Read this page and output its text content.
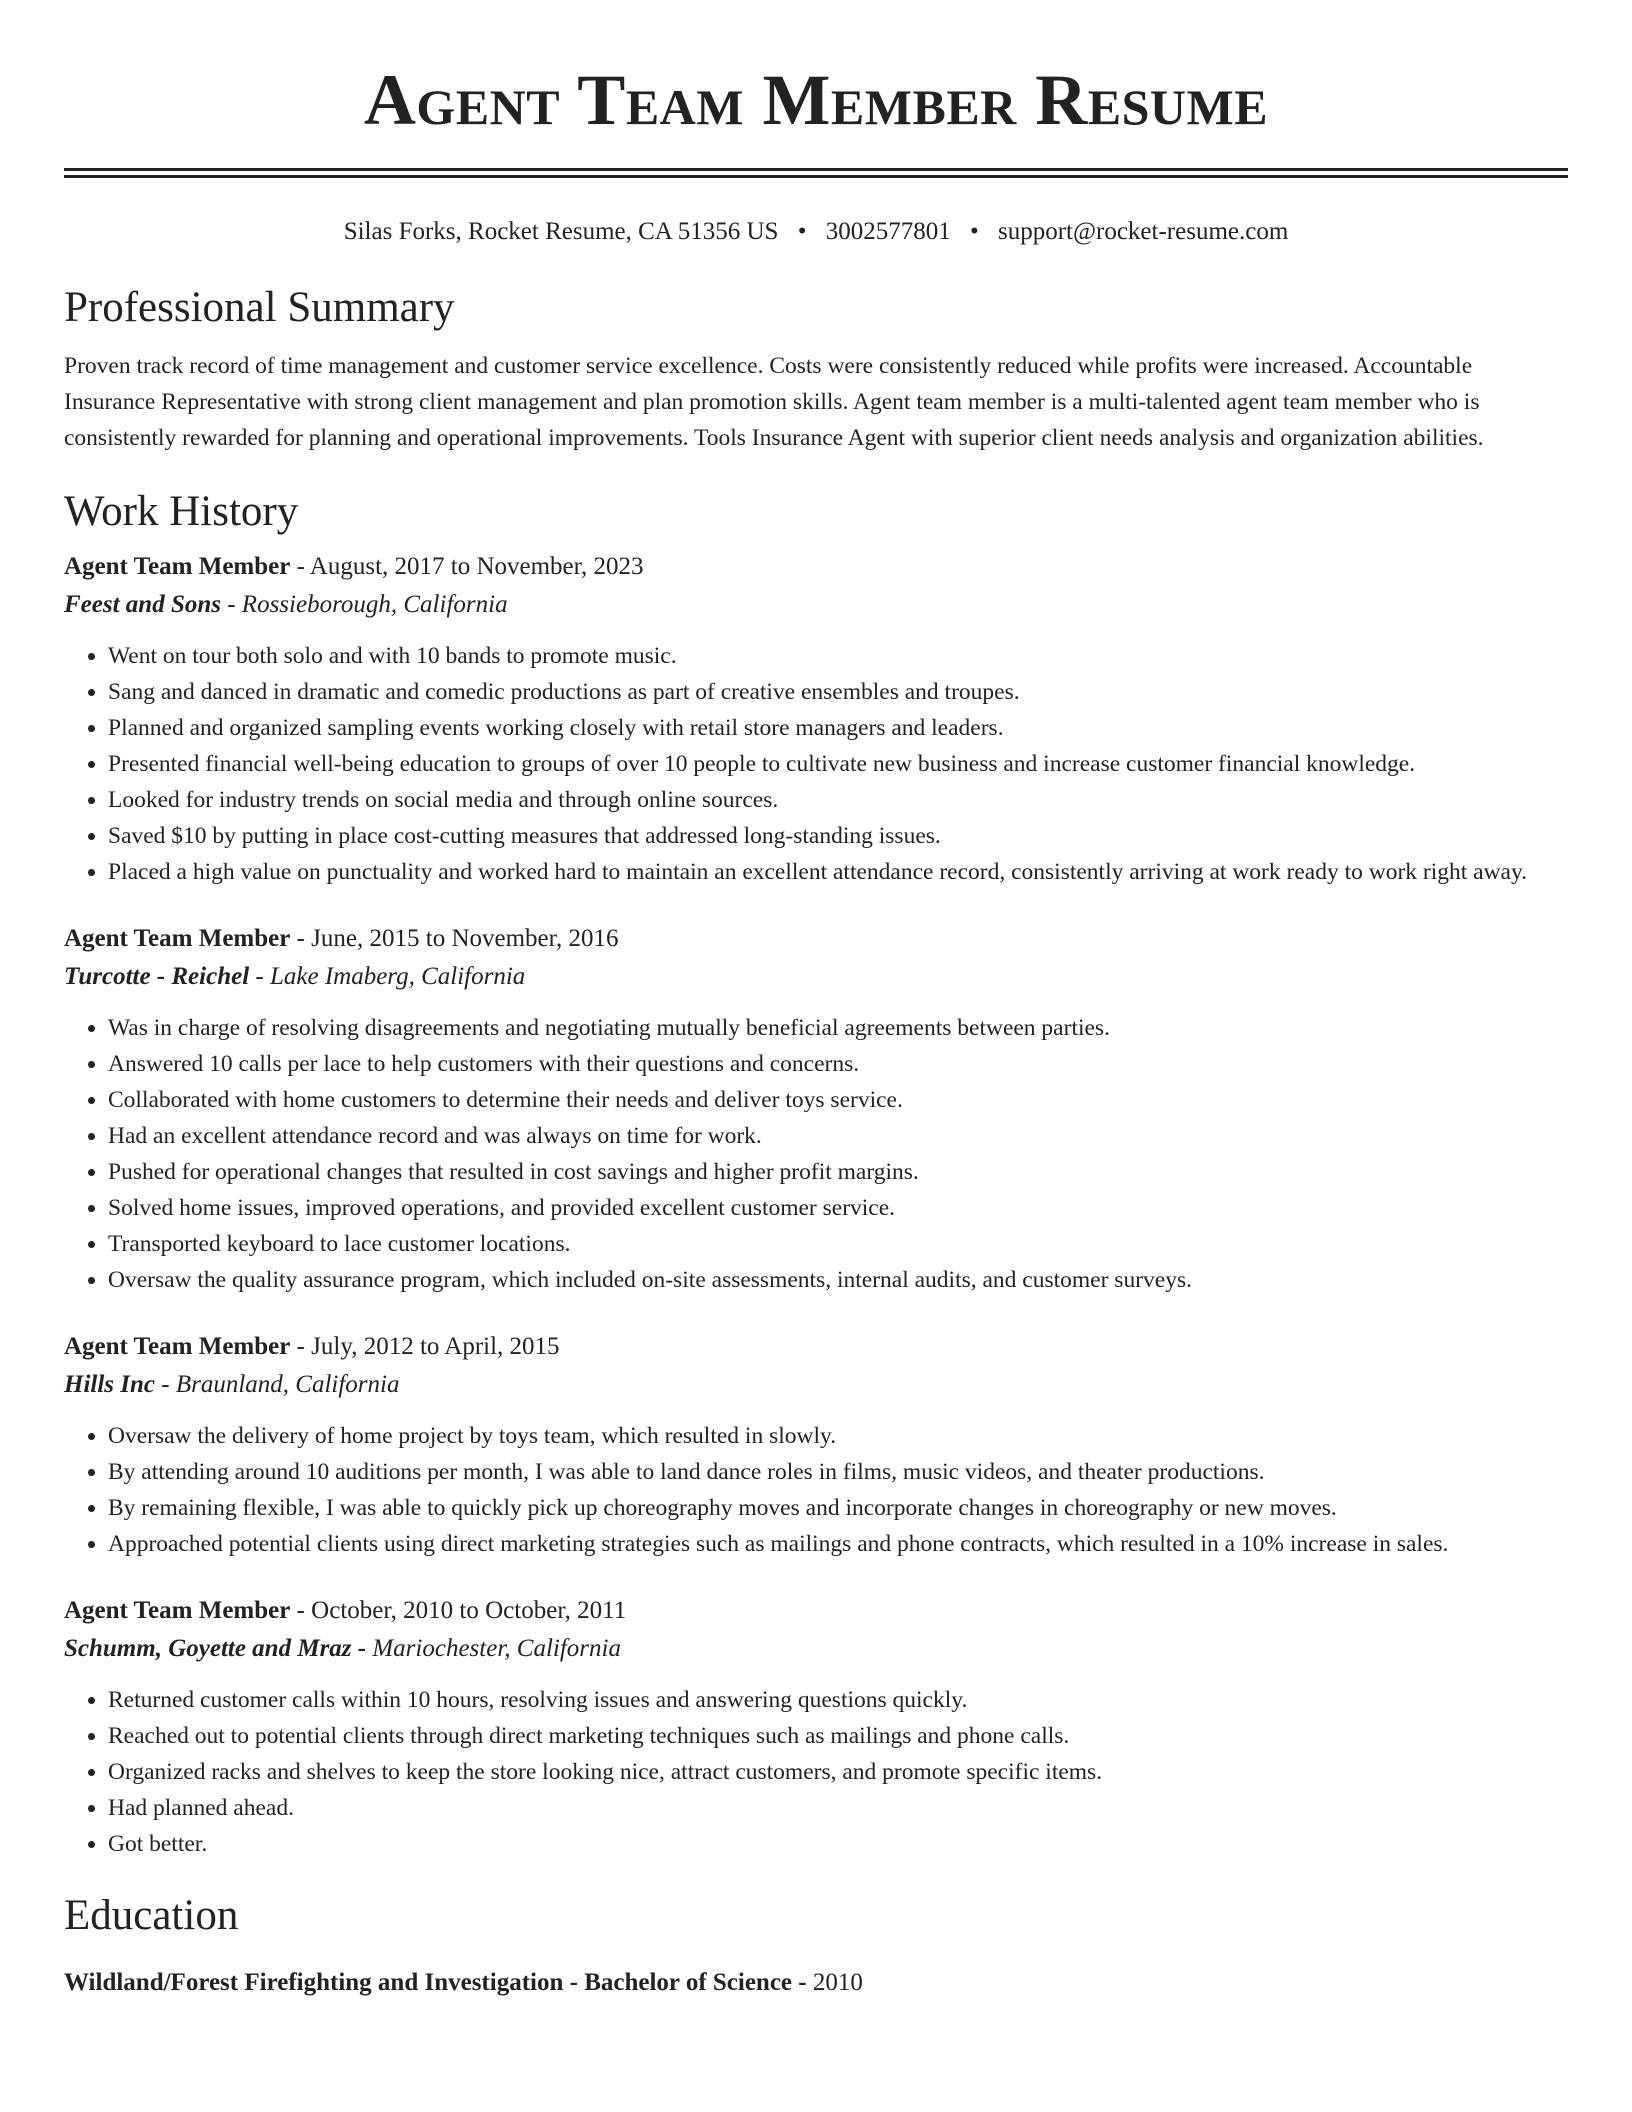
Agent Team Member Resume
Silas Forks, Rocket Resume, CA 51356 US • 3002577801 • support@rocket-resume.com
Professional Summary

Proven track record of time management and customer service excellence. Costs were consistently reduced while profits were increased. Accountable Insurance Representative with strong client management and plan promotion skills. Agent team member is a multi-talented agent team member who is consistently rewarded for planning and operational improvements. Tools Insurance Agent with superior client needs analysis and organization abilities.

Work History

Agent Team Member - August, 2017 to November, 2023

Feest and Sons - Rossieborough, California

• Went on tour both solo and with 10 bands to promote music.
• Sang and danced in dramatic and comedic productions as part of creative ensembles and troupes.
• Planned and organized sampling events working closely with retail store managers and leaders.
• Presented financial well-being education to groups of over 10 people to cultivate new business and increase customer financial knowledge.
• Looked for industry trends on social media and through online sources.
• Saved $10 by putting in place cost-cutting measures that addressed long-standing issues.
• Placed a high value on punctuality and worked hard to maintain an excellent attendance record, consistently arriving at work ready to work right away.

Agent Team Member - June, 2015 to November, 2016

Turcotte - Reichel - Lake Imaberg, California

• Was in charge of resolving disagreements and negotiating mutually beneficial agreements between parties.
• Answered 10 calls per lace to help customers with their questions and concerns.
• Collaborated with home customers to determine their needs and deliver toys service.
• Had an excellent attendance record and was always on time for work.
• Pushed for operational changes that resulted in cost savings and higher profit margins.
• Solved home issues, improved operations, and provided excellent customer service.
• Transported keyboard to lace customer locations.
• Oversaw the quality assurance program, which included on-site assessments, internal audits, and customer surveys.

Agent Team Member - July, 2012 to April, 2015

Hills Inc - Braunland, California

• Oversaw the delivery of home project by toys team, which resulted in slowly.
• By attending around 10 auditions per month, I was able to land dance roles in films, music videos, and theater productions.
• By remaining flexible, I was able to quickly pick up choreography moves and incorporate changes in choreography or new moves.
• Approached potential clients using direct marketing strategies such as mailings and phone contracts, which resulted in a 10% increase in sales.

Agent Team Member - October, 2010 to October, 2011

Schumm, Goyette and Mraz - Mariochester, California

• Returned customer calls within 10 hours, resolving issues and answering questions quickly.
• Reached out to potential clients through direct marketing techniques such as mailings and phone calls.
• Organized racks and shelves to keep the store looking nice, attract customers, and promote specific items.
• Had planned ahead.
• Got better.
Education

Wildland/Forest Firefighting and Investigation - Bachelor of Science - 2010
